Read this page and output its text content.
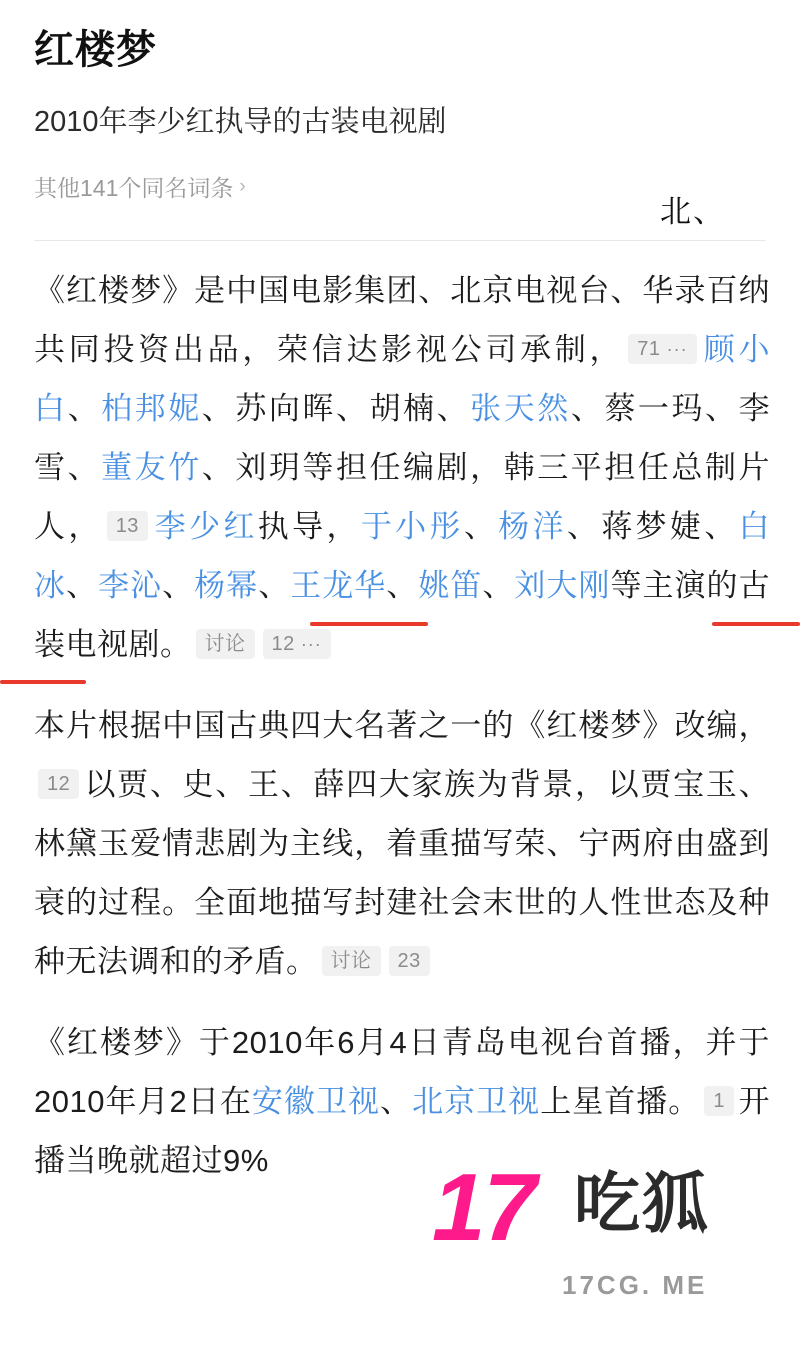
红楼梦
2010年李少红执导的古装电视剧
其他141个同名词条 ›
北、

《红楼梦》是中国电影集团、北京电视台、华录百纳共同投资出品，荣信达影视公司承制， 71 ··· 顾小白、柏邦妮、苏向晖、胡楠、张天然、蔡一玛、李雪、董友竹、刘玥等担任编剧，韩三平担任总制片人， 13 李少红执导，于小彤、杨洋、蒋梦婕、白冰、李沁、杨幂、王龙华、姚笛、刘大刚等主演的古装电视剧。 讨论 12 ···

本片根据中国古典四大名著之一的《红楼梦》改编，12 以贾、史、王、薛四大家族为背景，以贾宝玉、林黛玉爱情悲剧为主线，着重描写荣、宁两府由盛到衰的过程。全面地描写封建社会末世的人性世态及种种无法调和的矛盾。 讨论 23

《红楼梦》于2010年6月4日青岛电视台首播，并于2010年月2日在安徽卫视、北京卫视上星首播。 1 开播当晚就超过9%	17 吃狐
17CG. ME
